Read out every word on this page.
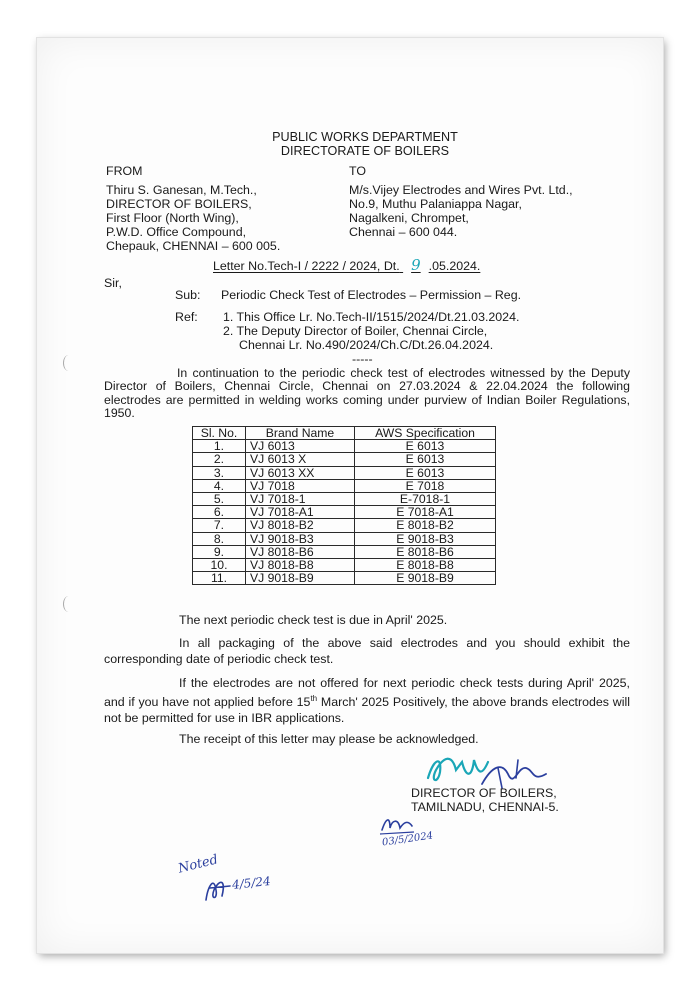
PUBLIC WORKS DEPARTMENT
DIRECTORATE OF BOILERS
FROM
Thiru S. Ganesan, M.Tech.,
DIRECTOR OF BOILERS,
First Floor (North Wing),
P.W.D. Office Compound,
Chepauk, CHENNAI – 600 005.
TO
M/s.Vijey Electrodes and Wires Pvt. Ltd.,
No.9, Muthu Palaniappa Nagar,
Nagalkeni, Chrompet,
Chennai – 600 044.
Letter No.Tech-I / 2222 / 2024, Dt. 9 .05.2024.
Sir,
Sub: Periodic Check Test of Electrodes – Permission – Reg.
Ref: 1. This Office Lr. No.Tech-II/1515/2024/Dt.21.03.2024.
2. The Deputy Director of Boiler, Chennai Circle,
Chennai Lr. No.490/2024/Ch.C/Dt.26.04.2024.
-----
In continuation to the periodic check test of electrodes witnessed by the Deputy Director of Boilers, Chennai Circle, Chennai on 27.03.2024 & 22.04.2024 the following electrodes are permitted in welding works coming under purview of Indian Boiler Regulations, 1950.
Sl. No.	Brand Name	AWS Specification
1.	VJ 6013	E 6013
2.	VJ 6013 X	E 6013
3.	VJ 6013 XX	E 6013
4.	VJ 7018	E 7018
5.	VJ 7018-1	E-7018-1
6.	VJ 7018-A1	E 7018-A1
7.	VJ 8018-B2	E 8018-B2
8.	VJ 9018-B3	E 9018-B3
9.	VJ 8018-B6	E 8018-B6
10.	VJ 8018-B8	E 8018-B8
11.	VJ 9018-B9	E 9018-B9
The next periodic check test is due in April' 2025.
In all packaging of the above said electrodes and you should exhibit the corresponding date of periodic check test.
If the electrodes are not offered for next periodic check tests during April' 2025, and if you have not applied before 15th March' 2025 Positively, the above brands electrodes will not be permitted for use in IBR applications.
The receipt of this letter may please be acknowledged.
DIRECTOR OF BOILERS,
TAMILNADU, CHENNAI-5.
03/5/2024
Noted
4/5/24
